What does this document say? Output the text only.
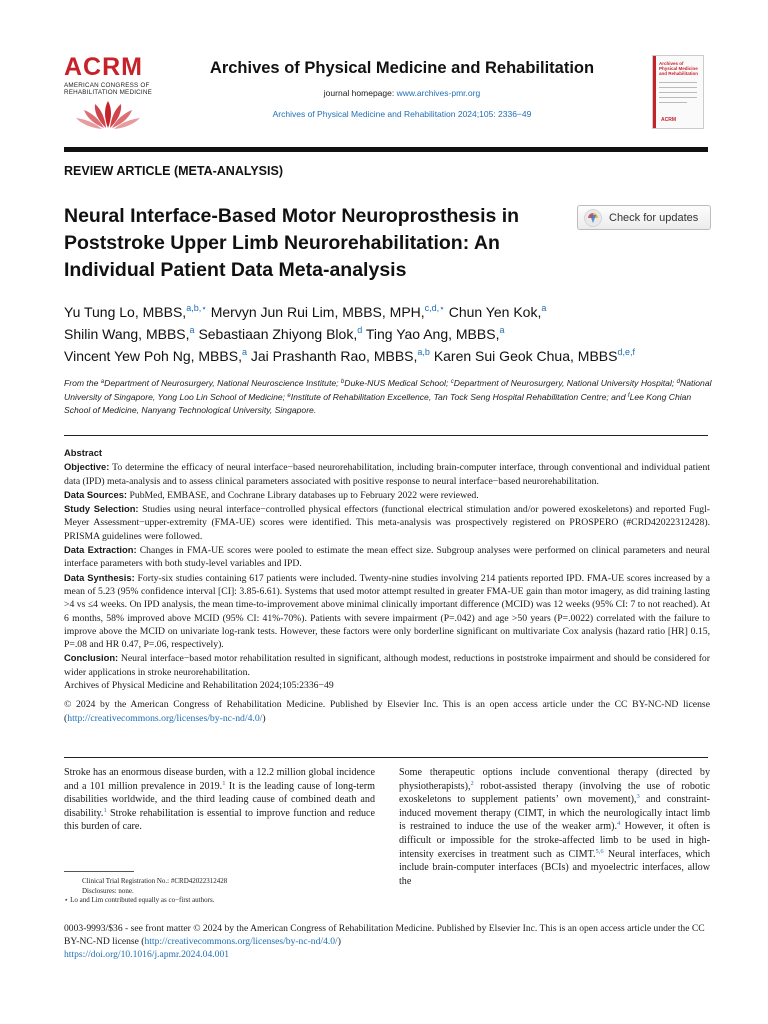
ACRM
AMERICAN CONGRESS OF
REHABILITATION MEDICINE
Archives of Physical Medicine and Rehabilitation
journal homepage: www.archives-pmr.org
Archives of Physical Medicine and Rehabilitation 2024;105: 2336−49
Archives of Physical Medicine and Rehabilitation
ACRM
REVIEW ARTICLE (META-ANALYSIS)
Neural Interface-Based Motor Neuroprosthesis in Poststroke Upper Limb Neurorehabilitation: An Individual Patient Data Meta-analysis
Check for updates
Yu Tung Lo, MBBS,$^{a,b,⋆}$ Mervyn Jun Rui Lim, MBBS, MPH,$^{c,d,⋆}$ Chun Yen Kok,$^a$
Shilin Wang, MBBS,$^a$ Sebastiaan Zhiyong Blok,$^d$ Ting Yao Ang, MBBS,$^a$
Vincent Yew Poh Ng, MBBS,$^a$ Jai Prashanth Rao, MBBS,$^{a,b}$ Karen Sui Geok Chua, MBBS$^{d,e,f}$
From the $^a$Department of Neurosurgery, National Neuroscience Institute; $^b$Duke-NUS Medical School; $^c$Department of Neurosurgery, National University Hospital; $^d$National University of Singapore, Yong Loo Lin School of Medicine; $^e$Institute of Rehabilitation Excellence, Tan Tock Seng Hospital Rehabilitation Centre; and $^f$Lee Kong Chian School of Medicine, Nanyang Technological University, Singapore.
Abstract

Objective: To determine the efficacy of neural interface−based neurorehabilitation, including brain-computer interface, through conventional and individual patient data (IPD) meta-analysis and to assess clinical parameters associated with positive response to neural interface−based neurorehabilitation.

Data Sources: PubMed, EMBASE, and Cochrane Library databases up to February 2022 were reviewed.

Study Selection: Studies using neural interface−controlled physical effectors (functional electrical stimulation and/or powered exoskeletons) and reported Fugl-Meyer Assessment−upper-extremity (FMA-UE) scores were identified. This meta-analysis was prospectively registered on PROSPERO (#CRD42022312428). PRISMA guidelines were followed.

Data Extraction: Changes in FMA-UE scores were pooled to estimate the mean effect size. Subgroup analyses were performed on clinical parameters and neural interface parameters with both study-level variables and IPD.

Data Synthesis: Forty-six studies containing 617 patients were included. Twenty-nine studies involving 214 patients reported IPD. FMA-UE scores increased by a mean of 5.23 (95% confidence interval [CI]: 3.85-6.61). Systems that used motor attempt resulted in greater FMA-UE gain than motor imagery, as did training lasting >4 vs ≤4 weeks. On IPD analysis, the mean time-to-improvement above minimal clinically important difference (MCID) was 12 weeks (95% CI: 7 to not reached). At 6 months, 58% improved above MCID (95% CI: 41%-70%). Patients with severe impairment (P=.042) and age >50 years (P=.0022) correlated with the failure to improve above the MCID on univariate log-rank tests. However, these factors were only borderline significant on multivariate Cox analysis (hazard ratio [HR] 0.15, P=.08 and HR 0.47, P=.06, respectively).

Conclusion: Neural interface−based motor rehabilitation resulted in significant, although modest, reductions in poststroke impairment and should be considered for wider applications in stroke neurorehabilitation.

Archives of Physical Medicine and Rehabilitation 2024;105:2336−49

© 2024 by the American Congress of Rehabilitation Medicine. Published by Elsevier Inc. This is an open access article under the CC BY-NC-ND license (http://creativecommons.org/licenses/by-nc-nd/4.0/)

Stroke has an enormous disease burden, with a 12.2 million global incidence and a 101 million prevalence in 2019.$^1$ It is the leading cause of long-term disabilities worldwide, and the third leading cause of combined death and disability.$^1$ Stroke rehabilitation is essential to improve function and reduce this burden of care.

Some therapeutic options include conventional therapy (directed by physiotherapists),$^2$ robot-assisted therapy (involving the use of robotic exoskeletons to supplement patients’ own movement),$^3$ and constraint-induced movement therapy (CIMT, in which the neurologically intact limb is restrained to induce the use of the weaker arm).$^4$ However, it often is difficult or impossible for the stroke-affected limb to be used in high-intensity exercises in treatment such as CIMT.$^{5,6}$ Neural interfaces, which include brain-computer interfaces (BCIs) and myoelectric interfaces, allow the

Clinical Trial Registration No.: #CRD42022312428
Disclosures: none.
⋆ Lo and Lim contributed equally as co−first authors.
0003-9993/$36 - see front matter © 2024 by the American Congress of Rehabilitation Medicine. Published by Elsevier Inc. This is an open access article under the CC BY-NC-ND license (http://creativecommons.org/licenses/by-nc-nd/4.0/)
https://doi.org/10.1016/j.apmr.2024.04.001
